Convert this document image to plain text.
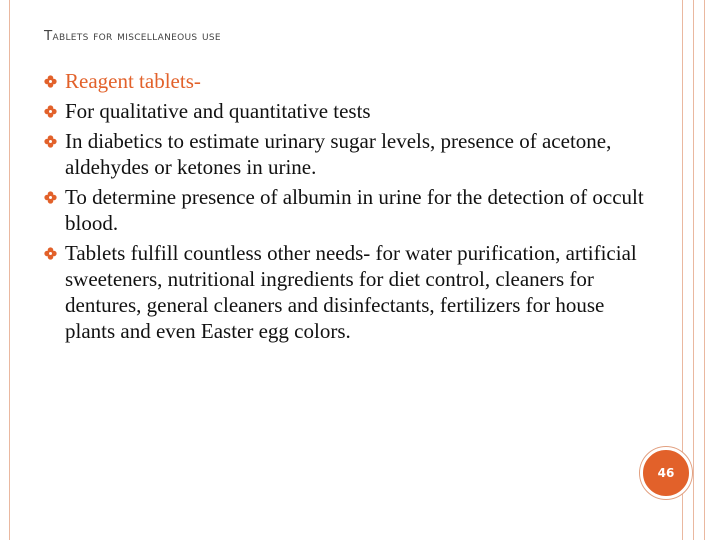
Tablets for miscellaneous use
Reagent tablets-
For qualitative and quantitative tests
In diabetics to estimate urinary sugar levels, presence of acetone, aldehydes or ketones in urine.
To determine presence of albumin in urine for the detection of occult blood.
Tablets fulfill countless other needs- for water purification, artificial sweeteners, nutritional ingredients for diet control, cleaners for dentures, general cleaners and disinfectants, fertilizers for house plants and even Easter egg colors.
46
